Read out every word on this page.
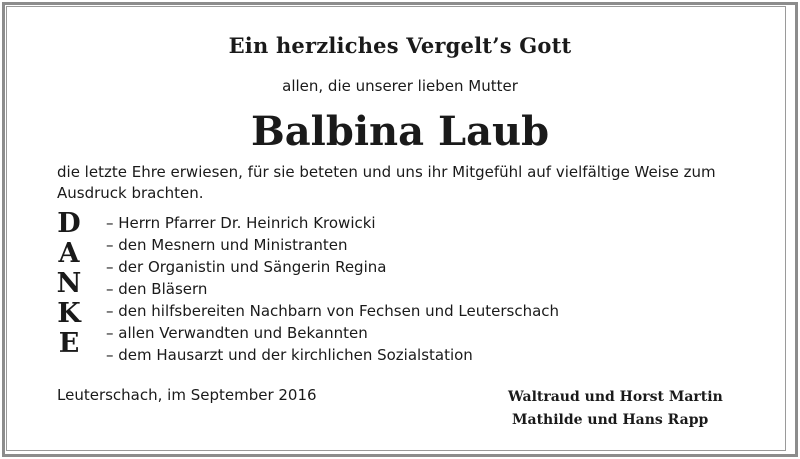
Ein herzliches Vergelt’s Gott
allen, die unserer lieben Mutter
Balbina Laub
die letzte Ehre erwiesen, für sie beteten und uns ihr Mitgefühl auf vielfältige Weise zum Ausdruck brachten.
D
A
N
K
E
– Herrn Pfarrer Dr. Heinrich Krowicki
– den Mesnern und Ministranten
– der Organistin und Sängerin Regina
– den Bläsern
– den hilfsbereiten Nachbarn von Fechsen und Leuterschach
– allen Verwandten und Bekannten
– dem Hausarzt und der kirchlichen Sozialstation
Leuterschach, im September 2016	Waltraud und Horst Martin
Mathilde und Hans Rapp
